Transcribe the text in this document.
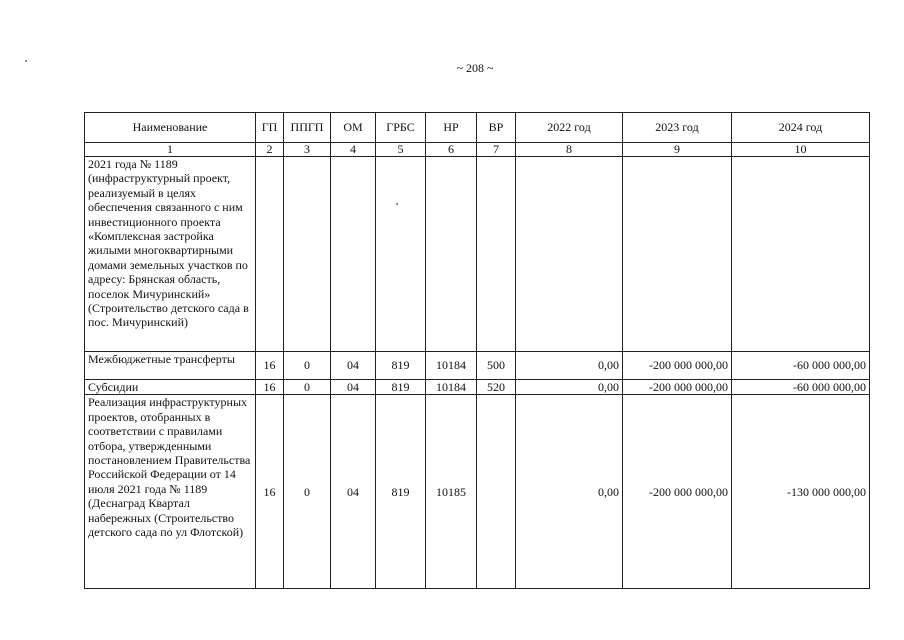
~ 208 ~
Наименование	ГП	ППГП	ОМ	ГРБС	НР	ВР	2022 год	2023 год	2024 год
1	2	3	4	5	6	7	8	9	10
2021 года № 1189 (инфраструктурный проект, реализуемый в целях обеспечения связанного с ним инвестиционного проекта «Комплексная застройка жилыми многоквартирными домами земельных участков по адресу: Брянская область, поселок Мичуринский» (Строительство детского сада в пос. Мичуринский)									
Межбюджетные трансферты	16	0	04	819	10184	500	0,00	-200 000 000,00	-60 000 000,00
Субсидии	16	0	04	819	10184	520	0,00	-200 000 000,00	-60 000 000,00
Реализация инфраструктурных проектов, отобранных в соответствии с правилами отбора, утвержденными постановлением Правительства Российской Федерации от 14 июля 2021 года № 1189 (Деснаград Квартал набережных (Строительство детского сада по ул Флотской)	16	0	04	819	10185		0,00	-200 000 000,00	-130 000 000,00
